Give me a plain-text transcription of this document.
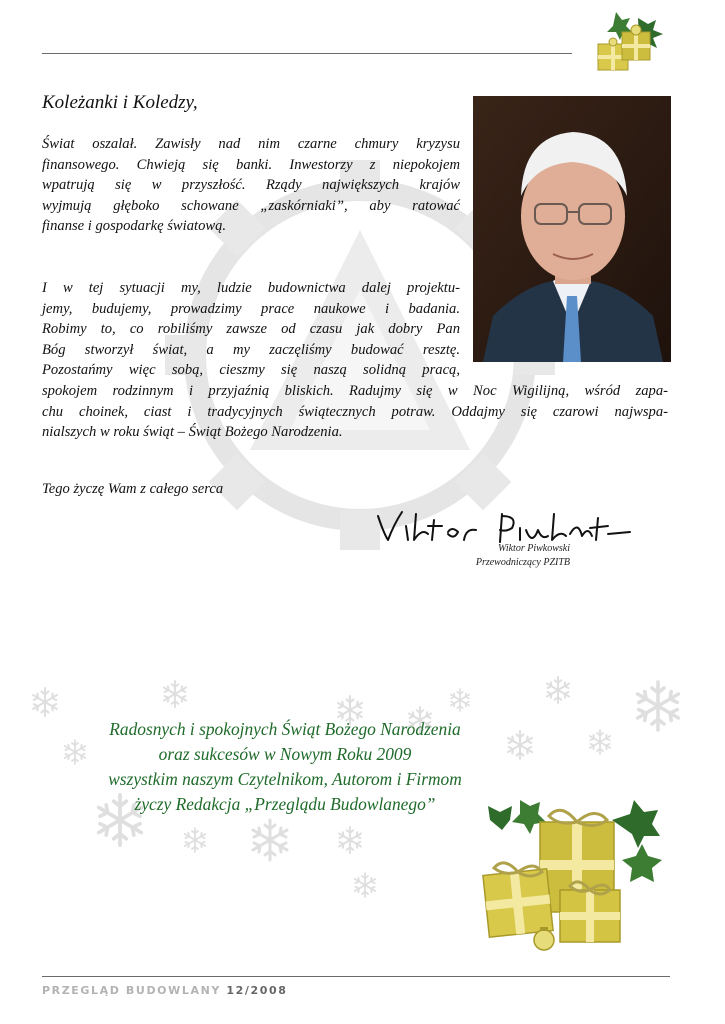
Koleżanki i Koledzy,
Świat oszalał. Zawisły nad nim czarne chmury kryzysu
finansowego. Chwieją się banki. Inwestorzy z niepokojem
wpatrują się w przyszłość. Rządy największych krajów
wyjmują głęboko schowane „zaskórniaki”, aby ratować
finanse i gospodarkę światową.
I w tej sytuacji my, ludzie budownictwa dalej projektu-
jemy, budujemy, prowadzimy prace naukowe i badania.
Robimy to, co robiliśmy zawsze od czasu jak dobry Pan
Bóg stworzył świat, a my zaczęliśmy budować resztę.
Pozostańmy więc sobą, cieszmy się naszą solidną pracą,
spokojem rodzinnym i przyjaźnią bliskich. Radujmy się w Noc Wigilijną, wśród zapa-
chu choinek, ciast i tradycyjnych świątecznych potraw. Oddajmy się czarowi najwspa-
nialszych w roku świąt – Świąt Bożego Narodzenia.
Tego życzę Wam z całego serca
Wiktor Piwkowski
Przewodniczący PZITB
Radosnych i spokojnych Świąt Bożego Narodzenia
oraz sukcesów w Nowym Roku 2009
wszystkim naszym Czytelnikom, Autorom i Firmom
życzy Redakcja „Przeglądu Budowlanego”
PRZEGLĄD BUDOWLANY 12/2008
